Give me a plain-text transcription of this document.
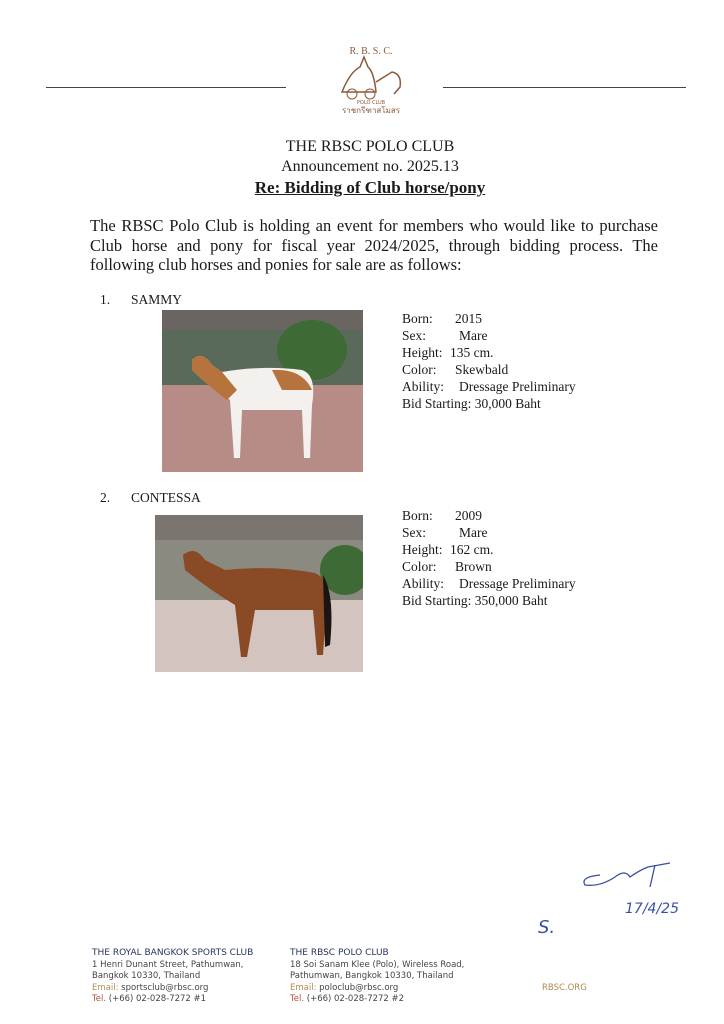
R. B. S. C.
POLO CLUB
ราชกรีฑาสโมสร
THE RBSC POLO CLUB
Announcement no. 2025.13
Re: Bidding of Club horse/pony
The RBSC Polo Club is holding an event for members who would like to purchase Club horse and pony for fiscal year 2024/2025, through bidding process. The following club horses and ponies for sale are as follows:
1. SAMMY
Born: 2015
Sex: Mare
Height: 135 cm.
Color: Skewbald
Ability: Dressage Preliminary
Bid Starting: 30,000 Baht
2. CONTESSA
Born: 2009
Sex: Mare
Height: 162 cm.
Color: Brown
Ability: Dressage Preliminary
Bid Starting: 350,000 Baht
17/4/25
S.
THE ROYAL BANGKOK SPORTS CLUB
1 Henri Dunant Street, Pathumwan,
Bangkok 10330, Thailand
Email: sportsclub@rbsc.org
Tel. (+66) 02-028-7272 #1
THE RBSC POLO CLUB
18 Soi Sanam Klee (Polo), Wireless Road,
Pathumwan, Bangkok 10330, Thailand
Email: poloclub@rbsc.org
Tel. (+66) 02-028-7272 #2
RBSC.ORG
